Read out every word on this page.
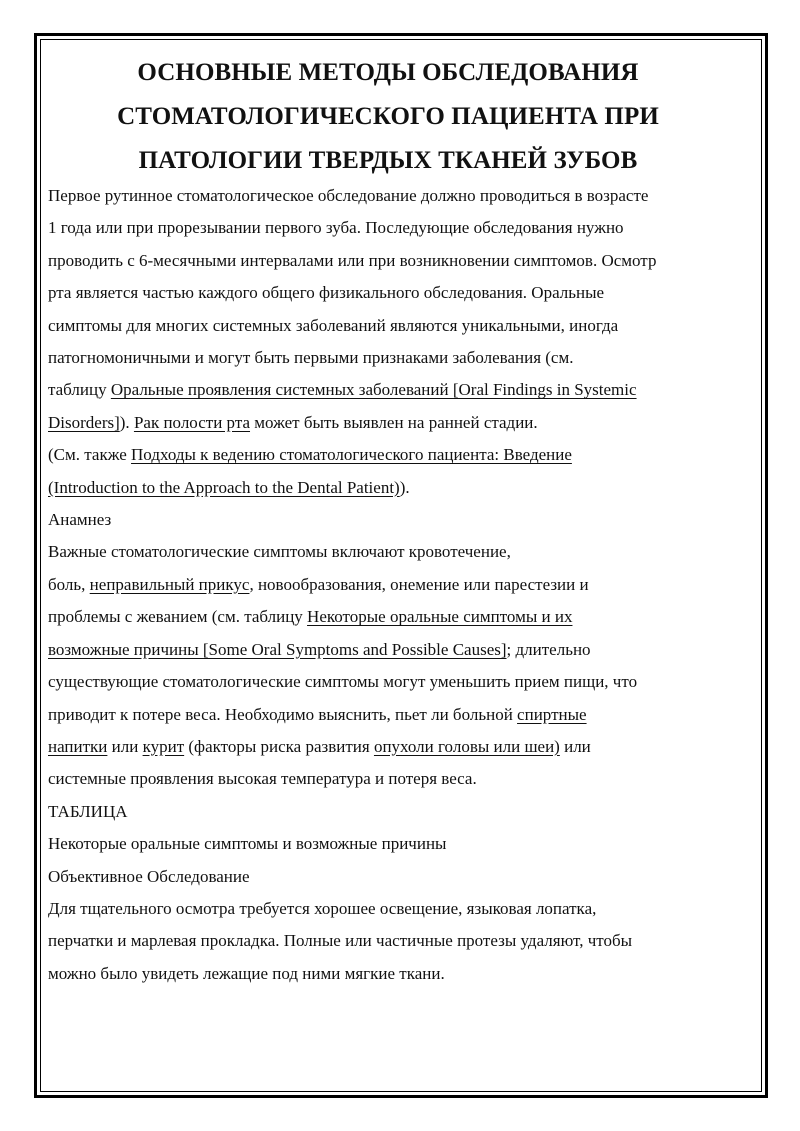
ОСНОВНЫЕ МЕТОДЫ ОБСЛЕДОВАНИЯ
СТОМАТОЛОГИЧЕСКОГО ПАЦИЕНТА ПРИ
ПАТОЛОГИИ ТВЕРДЫХ ТКАНЕЙ ЗУБОВ
Первое рутинное стоматологическое обследование должно проводиться в возрасте
1 года или при прорезывании первого зуба. Последующие обследования нужно
проводить с 6-месячными интервалами или при возникновении симптомов. Осмотр
рта является частью каждого общего физикального обследования. Оральные
симптомы для многих системных заболеваний являются уникальными, иногда
патогномоничными и могут быть первыми признаками заболевания (см.
таблицу Оральные проявления системных заболеваний [Oral Findings in Systemic
Disorders]). Рак полости рта может быть выявлен на ранней стадии.
(См. также Подходы к ведению стоматологического пациента: Введение
(Introduction to the Approach to the Dental Patient)).
Анамнез
Важные стоматологические симптомы включают кровотечение,
боль, неправильный прикус, новообразования, онемение или парестезии и
проблемы с жеванием (см. таблицу Некоторые оральные симптомы и их
возможные причины [Some Oral Symptoms and Possible Causes]; длительно
существующие стоматологические симптомы могут уменьшить прием пищи, что
приводит к потере веса. Необходимо выяснить, пьет ли больной спиртные
напитки или курит (факторы риска развития опухоли головы или шеи) или
системные проявления высокая температура и потеря веса.
ТАБЛИЦА
Некоторые оральные симптомы и возможные причины
Объективное Обследование
Для тщательного осмотра требуется хорошее освещение, языковая лопатка,
перчатки и марлевая прокладка. Полные или частичные протезы удаляют, чтобы
можно было увидеть лежащие под ними мягкие ткани.
